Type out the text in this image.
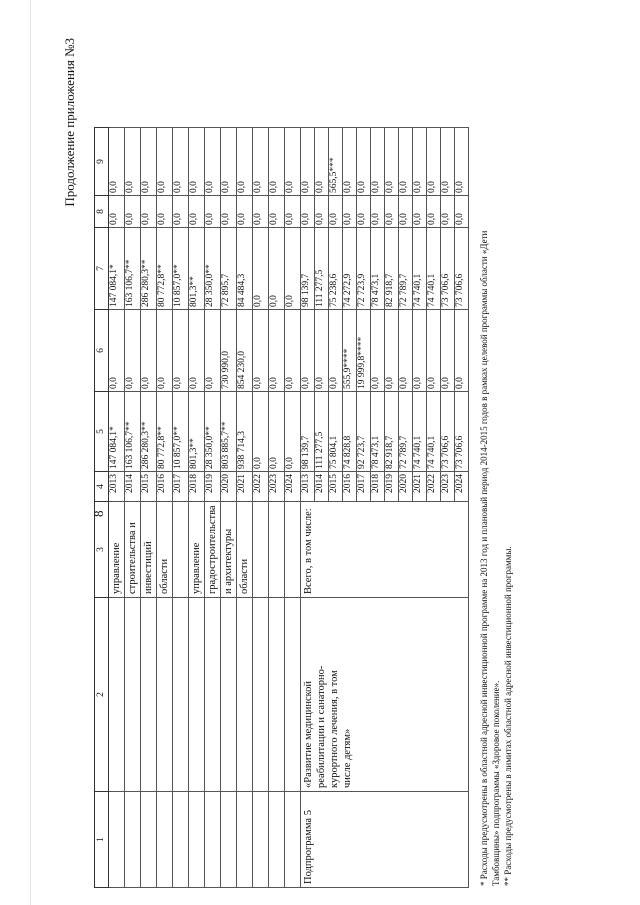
8
Продолжение приложения №3
1	2	3	4	5	6	7	8	9
		управление	2013	147 084,1*	0,0	147 084,1*	0,0	0,0
		строительства и	2014	163 106,7**	0,0	163 106,7**	0,0	0,0
		инвестиций	2015	286 280,3**	0,0	286 280,3**	0,0	0,0
		области	2016	80 772,8**	0,0	80 772,8**	0,0	0,0
			2017	10 857,0**	0,0	10 857,0**	0,0	0,0
		управление	2018	801,3**	0,0	801,3**	0,0	0,0
		градостроительства	2019	28 350,0**	0,0	28 350,0**	0,0	0,0
		и архитектуры	2020	803 885,7**	730 990,0	72 895,7	0,0	0,0
		области	2021	938 714,3	854 230,0	84 484,3	0,0	0,0
			2022	0,0	0,0	0,0	0,0	0,0
			2023	0,0	0,0	0,0	0,0	0,0
			2024	0,0	0,0	0,0	0,0	0,0
Подпрограмма 5	«Развитие медицинской реабилитации и санаторно- курортного лечения, в том числе детям»	Всего, в том числе:	2013	98 139,7	0,0	98 139,7	0,0	0,0
			2014	111 277,5	0,0	111 277,5	0,0	0,0
			2015	75 804,1	0,0	75 238,6	0,0	565,5***
			2016	74 828,8	555,9****	74 272,9	0,0	0,0
			2017	92 723,7	19 999,8****	72 723,9	0,0	0,0
			2018	78 473,1	0,0	78 473,1	0,0	0,0
			2019	82 918,7	0,0	82 918,7	0,0	0,0
			2020	72 789,7	0,0	72 789,7	0,0	0,0
			2021	74 740,1	0,0	74 740,1	0,0	0,0
			2022	74 740,1	0,0	74 740,1	0,0	0,0
			2023	73 706,6	0,0	73 706,6	0,0	0,0
			2024	73 706,6	0,0	73 706,6	0,0	0,0
* Расходы предусмотрены в областной адресной инвестиционной программе на 2013 год и плановый период 2014-2015 годов в рамках целевой программы области «Дети Тамбовщины» подпрограммы «Здоровое поколение». ** Расходы предусмотрены в лимитах областной адресной инвестиционной программы.
